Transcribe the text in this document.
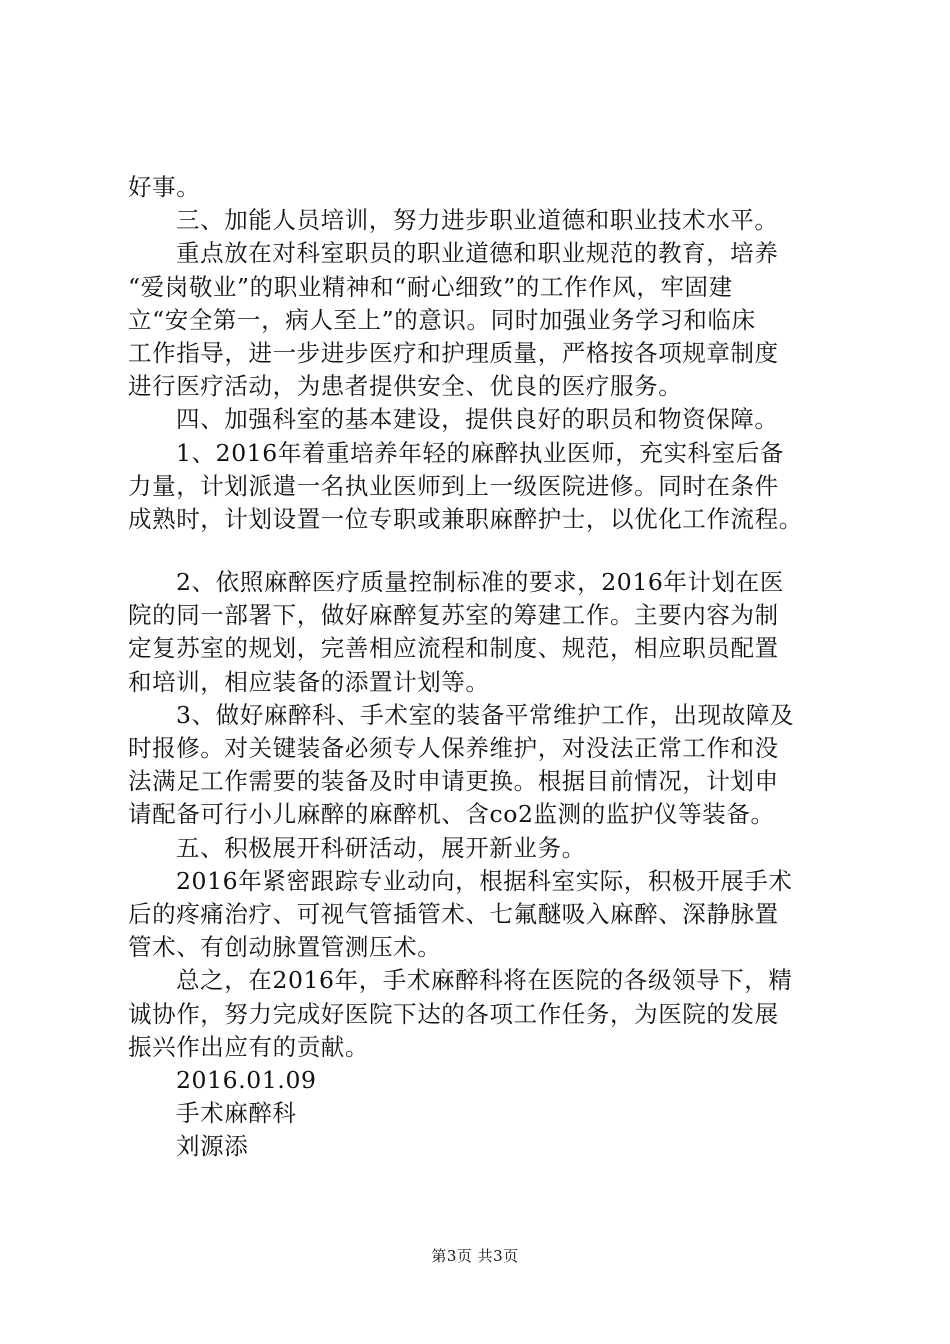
好事。
三、加能人员培训，努力进步职业道德和职业技术水平。
重点放在对科室职员的职业道德和职业规范的教育，培养
“爱岗敬业”的职业精神和“耐心细致”的工作作风，牢固建
立“安全第一，病人至上”的意识。同时加强业务学习和临床
工作指导，进一步进步医疗和护理质量，严格按各项规章制度
进行医疗活动，为患者提供安全、优良的医疗服务。
四、加强科室的基本建设，提供良好的职员和物资保障。
1、2016年着重培养年轻的麻醉执业医师，充实科室后备
力量，计划派遣一名执业医师到上一级医院进修。同时在条件
成熟时，计划设置一位专职或兼职麻醉护士，以优化工作流程。
2、依照麻醉医疗质量控制标准的要求，2016年计划在医
院的同一部署下，做好麻醉复苏室的筹建工作。主要内容为制
定复苏室的规划，完善相应流程和制度、规范，相应职员配置
和培训，相应装备的添置计划等。
3、做好麻醉科、手术室的装备平常维护工作，出现故障及
时报修。对关键装备必须专人保养维护，对没法正常工作和没
法满足工作需要的装备及时申请更换。根据目前情况，计划申
请配备可行小儿麻醉的麻醉机、含co2监测的监护仪等装备。
五、积极展开科研活动，展开新业务。
2016年紧密跟踪专业动向，根据科室实际，积极开展手术
后的疼痛治疗、可视气管插管术、七氟醚吸入麻醉、深静脉置
管术、有创动脉置管测压术。
总之，在2016年，手术麻醉科将在医院的各级领导下，精
诚协作，努力完成好医院下达的各项工作任务，为医院的发展
振兴作出应有的贡献。
2016.01.09
手术麻醉科
刘源添
第3页 共3页
